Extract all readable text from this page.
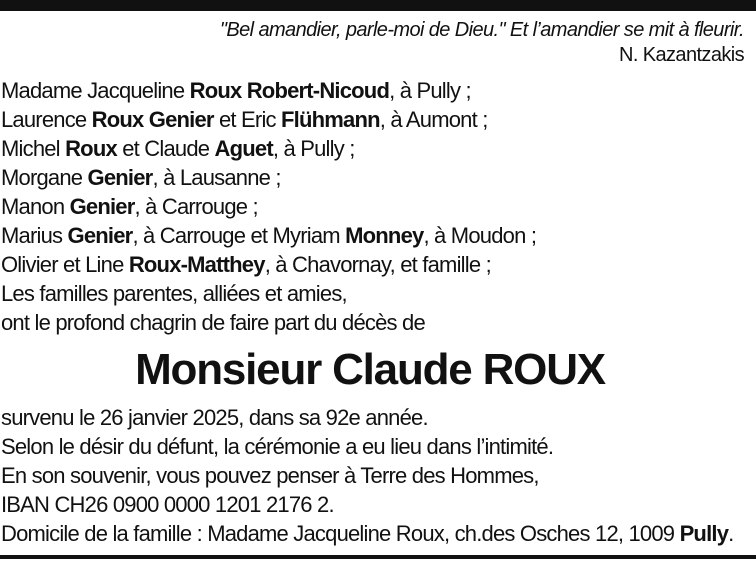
"Bel amandier, parle-moi de Dieu." Et l’amandier se mit à fleurir.
N. Kazantzakis
Madame Jacqueline Roux Robert-Nicoud, à Pully ;
Laurence Roux Genier et Eric Flühmann, à Aumont ;
Michel Roux et Claude Aguet, à Pully ;
Morgane Genier, à Lausanne ;
Manon Genier, à Carrouge ;
Marius Genier, à Carrouge et Myriam Monney, à Moudon ;
Olivier et Line Roux-Matthey, à Chavornay, et famille ;
Les familles parentes, alliées et amies,
ont le profond chagrin de faire part du décès de
Monsieur Claude ROUX
survenu le 26 janvier 2025, dans sa 92e année.
Selon le désir du défunt, la cérémonie a eu lieu dans l’intimité.
En son souvenir, vous pouvez penser à Terre des Hommes,
IBAN CH26 0900 0000 1201 2176 2.
Domicile de la famille : Madame Jacqueline Roux, ch.des Osches 12, 1009 Pully.
